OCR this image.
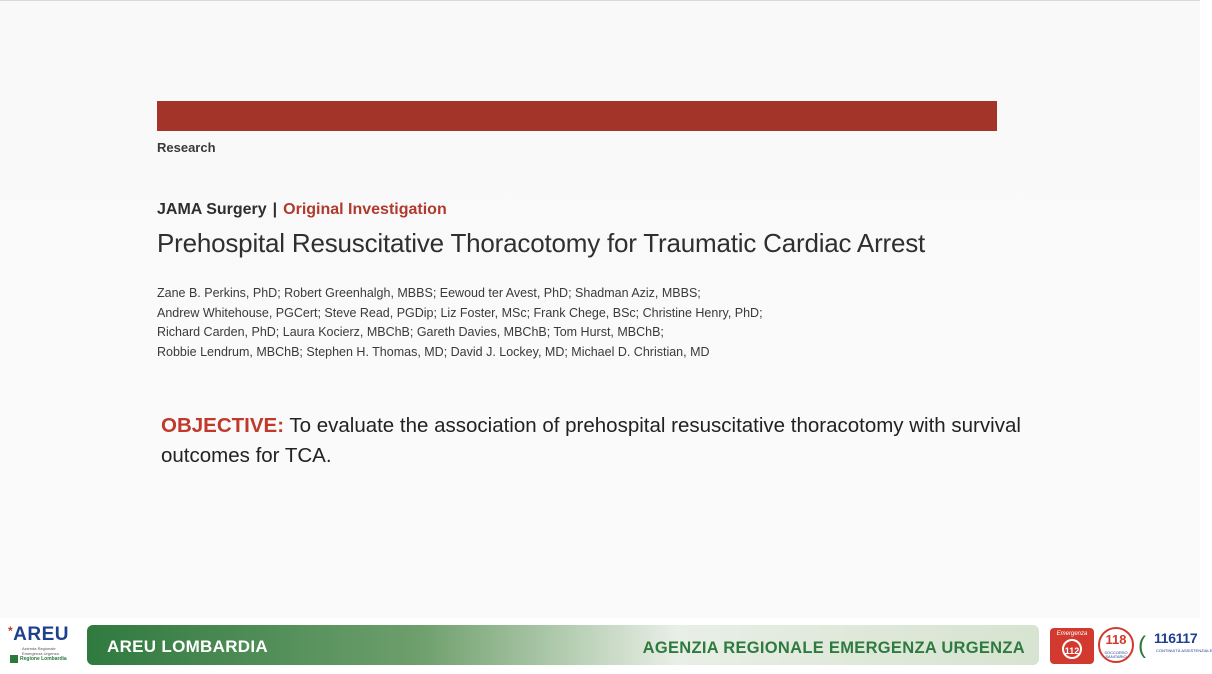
Research
JAMA Surgery | Original Investigation
Prehospital Resuscitative Thoracotomy for Traumatic Cardiac Arrest
Zane B. Perkins, PhD; Robert Greenhalgh, MBBS; Eewoud ter Avest, PhD; Shadman Aziz, MBBS;
Andrew Whitehouse, PGCert; Steve Read, PGDip; Liz Foster, MSc; Frank Chege, BSc; Christine Henry, PhD;
Richard Carden, PhD; Laura Kocierz, MBChB; Gareth Davies, MBChB; Tom Hurst, MBChB;
Robbie Lendrum, MBChB; Stephen H. Thomas, MD; David J. Lockey, MD; Michael D. Christian, MD
OBJECTIVE: To evaluate the association of prehospital resuscitative thoracotomy with survival outcomes for TCA.
*AREU
Azienda Regionale Emergenza Urgenza
Regione Lombardia
AREU LOMBARDIA	AGENZIA REGIONALE EMERGENZA URGENZA
Emergenza
112
118
SOCCORSO SANITARIO ( 116117
CONTINUITÀ ASSISTENZIALE
